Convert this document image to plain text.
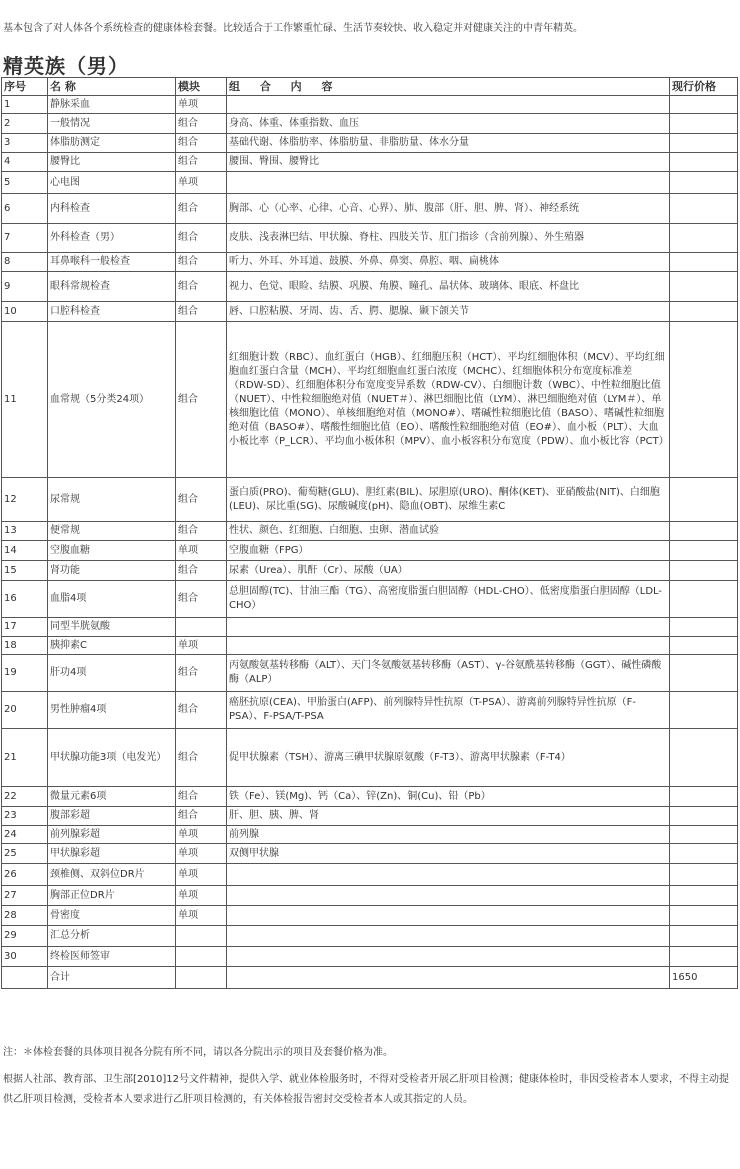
基本包含了对人体各个系统检查的健康体检套餐。比较适合于工作繁重忙碌、生活节奏较快、收入稳定并对健康关注的中青年精英。
精英族（男）
序号	名 称	模块	组 合 内 容	现行价格
1	静脉采血	单项		
2	一般情况	组合	身高、体重、体重指数、血压	
3	体脂肪测定	组合	基础代谢、体脂肪率、体脂肪量、非脂肪量、体水分量	
4	腰臀比	组合	腰围、臀围、腰臀比	
5	心电图	单项		
6	内科检查	组合	胸部、心（心率、心律、心音、心界）、肺、腹部（肝、胆、脾、肾）、神经系统	
7	外科检查（男）	组合	皮肤、浅表淋巴结、甲状腺、脊柱、四肢关节、肛门指诊（含前列腺）、外生殖器	
8	耳鼻喉科一般检查	组合	听力、外耳、外耳道、鼓膜、外鼻、鼻窦、鼻腔、咽、扁桃体	
9	眼科常规检查	组合	视力、色觉、眼睑、结膜、巩膜、角膜、瞳孔、晶状体、玻璃体、眼底、杯盘比	
10	口腔科检查	组合	唇、口腔粘膜、牙周、齿、舌、腭、腮腺、颞下颌关节	
11	血常规（5分类24项）	组合	红细胞计数（RBC）、血红蛋白（HGB）、红细胞压积（HCT）、平均红细胞体积（MCV）、平均红细胞血红蛋白含量（MCH）、平均红细胞血红蛋白浓度（MCHC）、红细胞体积分布宽度标准差（RDW-SD）、红细胞体积分布宽度变异系数（RDW-CV）、白细胞计数（WBC）、中性粒细胞比值（NUET）、中性粒细胞绝对值（NUET＃）、淋巴细胞比值（LYM）、淋巴细胞绝对值（LYM＃）、单核细胞比值（MONO）、单核细胞绝对值（MONO#）、嗜碱性粒细胞比值（BASO）、嗜碱性粒细胞绝对值（BASO#）、嗜酸性细胞比值（EO）、嗜酸性粒细胞绝对值（EO#）、血小板（PLT）、大血小板比率（P_LCR）、平均血小板体积（MPV）、血小板容积分布宽度（PDW）、血小板比容（PCT）	
12	尿常规	组合	蛋白质(PRO)、葡萄糖(GLU)、胆红素(BIL)、尿胆原(URO)、酮体(KET)、亚硝酸盐(NIT)、白细胞(LEU)、尿比重(SG)、尿酸碱度(pH)、隐血(OBT)、尿维生素C	
13	便常规	组合	性状、颜色、红细胞、白细胞、虫卵、潜血试验	
14	空腹血糖	单项	空腹血糖（FPG）	
15	肾功能	组合	尿素（Urea）、肌酐（Cr）、尿酸（UA）	
16	血脂4项	组合	总胆固醇(TC)、甘油三酯（TG）、高密度脂蛋白胆固醇（HDL-CHO）、低密度脂蛋白胆固醇（LDL-CHO）	
17	同型半胱氨酸			
18	胰抑素C	单项		
19	肝功4项	组合	丙氨酸氨基转移酶（ALT）、天门冬氨酸氨基转移酶（AST）、γ-谷氨酰基转移酶（GGT）、碱性磷酸酶（ALP）	
20	男性肿瘤4项	组合	癌胚抗原(CEA)、甲胎蛋白(AFP)、前列腺特异性抗原（T-PSA）、游离前列腺特异性抗原（F-PSA）、F-PSA/T-PSA	
21	甲状腺功能3项（电发光）	组合	促甲状腺素（TSH）、游离三碘甲状腺原氨酸（F-T3）、游离甲状腺素（F-T4）	
22	微量元素6项	组合	铁（Fe）、镁(Mg)、钙（Ca）、锌(Zn)、铜(Cu)、铅（Pb）	
23	腹部彩超	组合	肝、胆、胰、脾、肾	
24	前列腺彩超	单项	前列腺	
25	甲状腺彩超	单项	双侧甲状腺	
26	颈椎侧、双斜位DR片	单项		
27	胸部正位DR片	单项		
28	骨密度	单项		
29	汇总分析			
30	终检医师签审			
	合计			1650

注：＊体检套餐的具体项目视各分院有所不同，请以各分院出示的项目及套餐价格为准。

根据人社部、教育部、卫生部[2010]12号文件精神，提供入学、就业体检服务时，不得对受检者开展乙肝项目检测；健康体检时，非因受检者本人要求，不得主动提供乙肝项目检测，受检者本人要求进行乙肝项目检测的，有关体检报告密封交受检者本人或其指定的人员。
